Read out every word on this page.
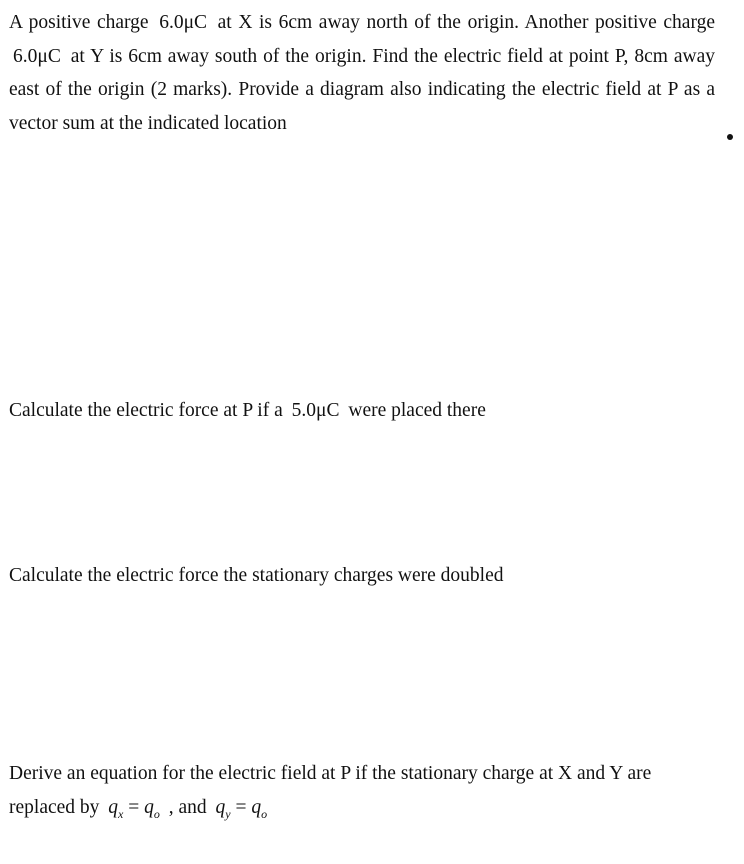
A positive charge 6.0μC at X is 6cm away north of the origin. Another positive charge 6.0μC at Y is 6cm away south of the origin. Find the electric field at point P, 8cm away east of the origin (2 marks). Provide a diagram also indicating the electric field at P as a vector sum at the indicated location

Calculate the electric force at P if a 5.0μC were placed there

Calculate the electric force the stationary charges were doubled

Derive an equation for the electric field at P if the stationary charge at X and Y are replaced by $q_x = q_o$ , and $q_y = q_o$
